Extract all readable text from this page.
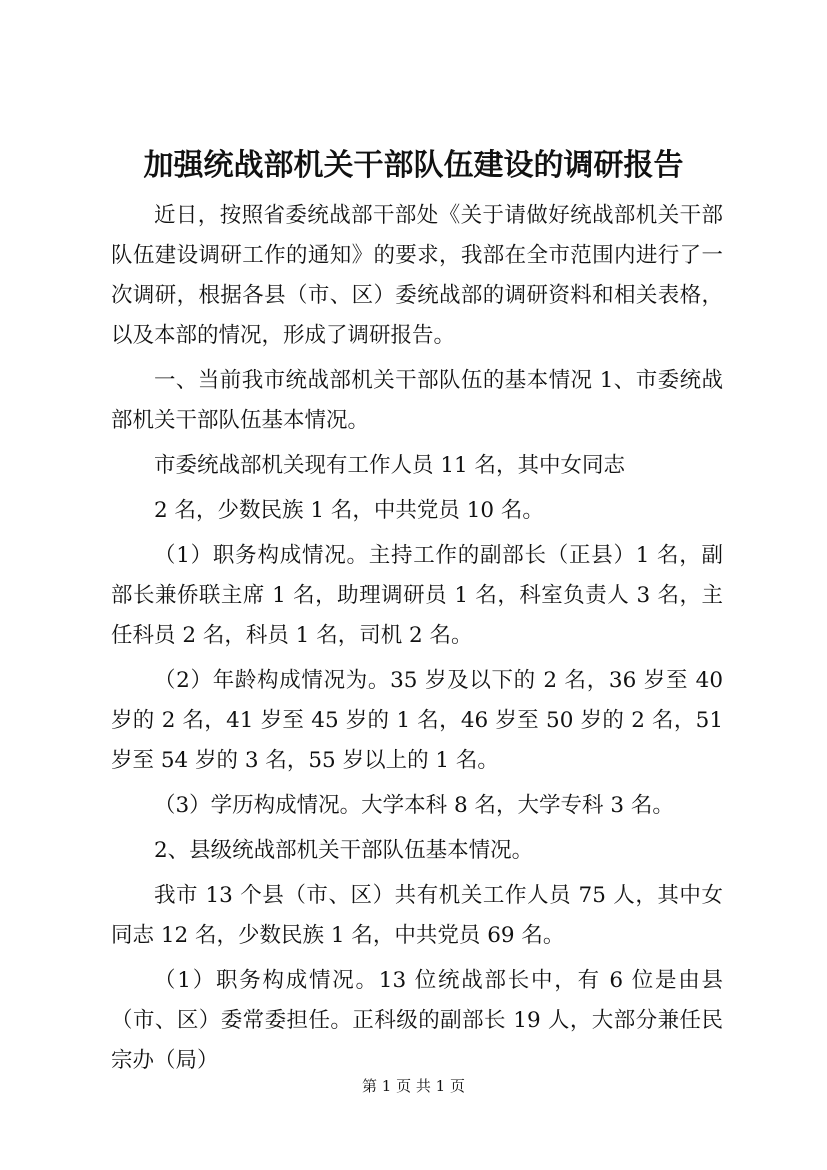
加强统战部机关干部队伍建设的调研报告

近日，按照省委统战部干部处《关于请做好统战部机关干部队伍建设调研工作的通知》的要求，我部在全市范围内进行了一次调研，根据各县（市、区）委统战部的调研资料和相关表格，以及本部的情况，形成了调研报告。

一、当前我市统战部机关干部队伍的基本情况 1、市委统战部机关干部队伍基本情况。

市委统战部机关现有工作人员 11 名，其中女同志

2 名，少数民族 1 名，中共党员 10 名。

（1）职务构成情况。主持工作的副部长（正县）1 名，副部长兼侨联主席 1 名，助理调研员 1 名，科室负责人 3 名，主任科员 2 名，科员 1 名，司机 2 名。

（2）年龄构成情况为。35 岁及以下的 2 名，36 岁至 40 岁的 2 名，41 岁至 45 岁的 1 名，46 岁至 50 岁的 2 名，51 岁至 54 岁的 3 名，55 岁以上的 1 名。

（3）学历构成情况。大学本科 8 名，大学专科 3 名。

2、县级统战部机关干部队伍基本情况。

我市 13 个县（市、区）共有机关工作人员 75 人，其中女同志 12 名，少数民族 1 名，中共党员 69 名。

（1）职务构成情况。13 位统战部长中，有 6 位是由县（市、区）委常委担任。正科级的副部长 19 人，大部分兼任民宗办（局）

第 1 页 共 1 页
